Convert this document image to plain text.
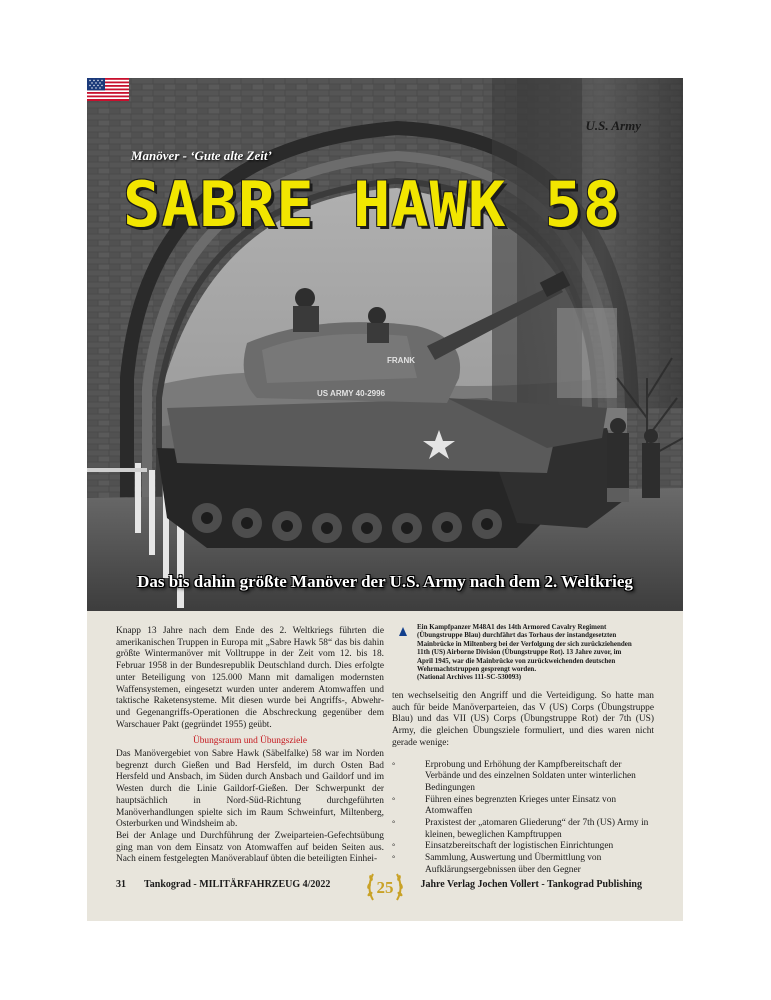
US ARMY 40-2996
FRANK
U.S. Army
Manöver - ‘Gute alte Zeit’
SABRE HAWK 58
Das bis dahin größte Manöver der U.S. Army nach dem 2. Weltkrieg
Ein Kampfpanzer M48A1 des 14th Armored Cavalry Regiment
(Übungstruppe Blau) durchfährt das Torhaus der instandgesetzten
Mainbrücke in Miltenberg bei der Verfolgung der sich zurückziehenden
11th (US) Airborne Division (Übungstruppe Rot). 13 Jahre zuvor, im
April 1945, war die Mainbrücke von zurückweichenden deutschen
Wehrmachtstruppen gesprengt worden.
(National Archives 111-SC-530093)

Knapp 13 Jahre nach dem Ende des 2. Weltkriegs führten die amerikanischen Truppen in Europa mit „Sabre Hawk 58“ das bis dahin größte Wintermanöver mit Volltruppe in der Zeit vom 12. bis 18. Februar 1958 in der Bundesrepublik Deutschland durch. Dies erfolgte unter Beteiligung von 125.000 Mann mit damaligen modernsten Waffensystemen, eingesetzt wurden unter anderem Atomwaffen und taktische Raketensysteme. Mit diesen wurde bei Angriffs-, Abwehr- und Gegenangriffs-Operationen die Abschreckung gegenüber dem Warschauer Pakt (gegründet 1955) geübt.

Übungsraum und Übungsziele

Das Manövergebiet von Sabre Hawk (Säbelfalke) 58 war im Norden begrenzt durch Gießen und Bad Hersfeld, im durch Osten Bad Hersfeld und Ansbach, im Süden durch Ansbach und Gaildorf und im Westen durch die Linie Gaildorf-Gießen. Der Schwerpunkt der hauptsächlich in Nord-Süd-Richtung durchgeführten Manöverhandlungen spielte sich im Raum Schweinfurt, Miltenberg, Osterburken und Windsheim ab.

Bei der Anlage und Durchführung der Zweiparteien-Gefechtsübung ging man von dem Einsatz von Atomwaffen auf beiden Seiten aus. Nach einem festgelegten Manöverablauf übten die beteiligten Einhei-

ten wechselseitig den Angriff und die Verteidigung. So hatte man auch für beide Manöverparteien, das V (US) Corps (Übungstruppe Blau) und das VII (US) Corps (Übungstruppe Rot) der 7th (US) Army, die gleichen Übungsziele formuliert, und dies waren nicht gerade wenige:

°	Erprobung und Erhöhung der Kampfbereitschaft der Verbände und des einzelnen Soldaten unter winterlichen Bedingungen
°	Führen eines begrenzten Krieges unter Einsatz von Atomwaffen
°	Praxistest der „atomaren Gliederung“ der 7th (US) Army in kleinen, beweglichen Kampftruppen
°	Einsatzbereitschaft der logistischen Einrichtungen
°	Sammlung, Auswertung und Übermittlung von Aufklärungsergebnissen über den Gegner
31 Tankograd - MILITÄRFAHRZEUG 4/2022	25	Jahre Verlag Jochen Vollert - Tankograd Publishing
